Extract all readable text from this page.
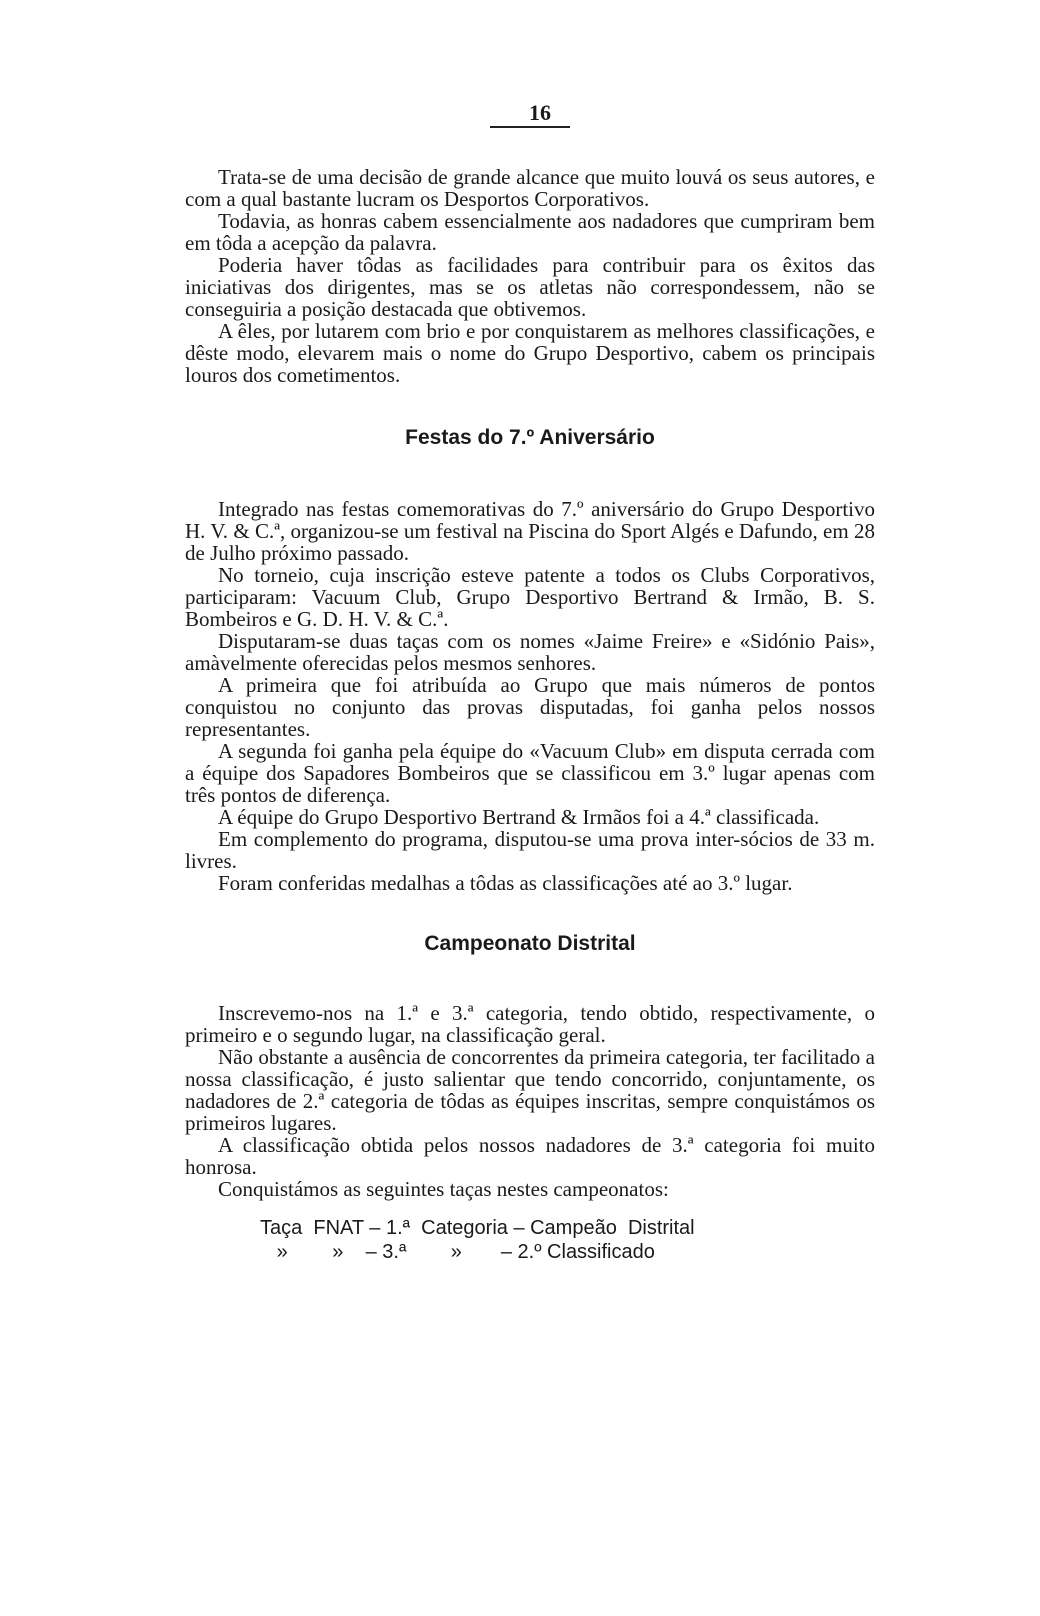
16

Trata-se de uma decisão de grande alcance que muito louvá os seus autores, e com a qual bastante lucram os Desportos Corporativos.

Todavia, as honras cabem essencialmente aos nadadores que cumpriram bem em tôda a acepção da palavra.

Poderia haver tôdas as facilidades para contribuir para os êxitos das iniciativas dos dirigentes, mas se os atletas não correspondessem, não se conseguiria a posição destacada que obtivemos.

A êles, por lutarem com brio e por conquistarem as melhores classificações, e dêste modo, elevarem mais o nome do Grupo Desportivo, cabem os principais louros dos cometimentos.

Festas do 7.º Aniversário

Integrado nas festas comemorativas do 7.º aniversário do Grupo Desportivo H. V. & C.ª, organizou-se um festival na Piscina do Sport Algés e Dafundo, em 28 de Julho próximo passado.

No torneio, cuja inscrição esteve patente a todos os Clubs Corporativos, participaram: Vacuum Club, Grupo Desportivo Bertrand & Irmão, B. S. Bombeiros e G. D. H. V. & C.ª.

Disputaram-se duas taças com os nomes «Jaime Freire» e «Sidónio Pais», amàvelmente oferecidas pelos mesmos senhores.

A primeira que foi atribuída ao Grupo que mais números de pontos conquistou no conjunto das provas disputadas, foi ganha pelos nossos representantes.

A segunda foi ganha pela équipe do «Vacuum Club» em disputa cerrada com a équipe dos Sapadores Bombeiros que se classificou em 3.º lugar apenas com três pontos de diferença.

A équipe do Grupo Desportivo Bertrand & Irmãos foi a 4.ª classificada.

Em complemento do programa, disputou-se uma prova inter-sócios de 33 m. livres.

Foram conferidas medalhas a tôdas as classificações até ao 3.º lugar.

Campeonato Distrital

Inscrevemo-nos na 1.ª e 3.ª categoria, tendo obtido, respectivamente, o primeiro e o segundo lugar, na classificação geral.

Não obstante a ausência de concorrentes da primeira categoria, ter facilitado a nossa classificação, é justo salientar que tendo concorrido, conjuntamente, os nadadores de 2.ª categoria de tôdas as équipes inscritas, sempre conquistámos os primeiros lugares.

A classificação obtida pelos nossos nadadores de 3.ª categoria foi muito honrosa.

Conquistámos as seguintes taças nestes campeonatos:

Taça  FNAT – 1.ª  Categoria – Campeão  Distrital

»        »    – 3.ª        »       – 2.º Classificado
